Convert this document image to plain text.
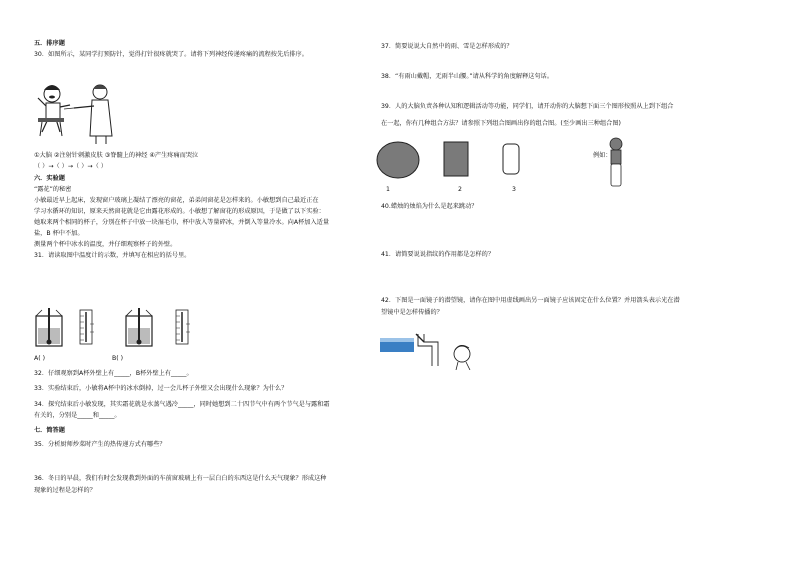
五．排序题
30．如图所示，某同学打预防针，觉得打针很疼就哭了。请将下列神经传递疼痛的流程按先后排序。
①大脑 ②注射针刺激皮肤 ③脊髓上的神经 ④产生疼痛而哭泣
（ ）→（ ）→（ ）→（ ）
六．实验题
“露花”的秘密
小敏最近早上起床，发现窗户玻璃上凝结了漂亮的窗花，弟弟问窗花是怎样来的。小敏想到自己最近正在
学习水循环的知识，原来天然窗花就是它由露花形成的。小敏想了解窗花的形成原因，于是做了以下实验：
她取来两个相同的杯子，分别在杯子中放一块湿毛巾，杯中放入等量碎冰，并倒入等量冷水。向A杯加入适量
盐，B 杯中不加。
测量两个杯中冰水的温度，并仔细观察杯子的外壁。
31．请读取图中温度计的示数，并填写在相应的括号里。
A( )	B( )
32．仔细观察到A杯外壁上有_____，B杯外壁上有_____。
33．实验结束后，小敏将A杯中的冰水倒掉，过一会儿杯子外壁又会出现什么现象？为什么？
34．探究结束后小敏发现，其实霜花就是水蒸气遇冷_____，同时她想到二十四节气中有两个节气是与露和霜
有关的，分别是_____和_____。
七．简答题
35．分析厨师炒菜时产生的热传递方式有哪些？
36．冬日的早晨，我们有时会发现教到外面的车前窗玻璃上有一层白白的东西这是什么天气现象？形成这种
现象的过程是怎样的？
37．简要说说大自然中的雨、雪是怎样形成的？
38．“有雨山戴帽，无雨半山腰。”请从科学的角度解释这句话。
39．人的大脑负责各种认知和逻辑活动等功能，同学们，请开动你的大脑想下面三个图形按照从上到下组合
在一起，你有几种组合方法？请参照下列组合图画出你的组合图。(至少画出三种组合图)
例如：
1	2	3
40.蜡烛的烛焰为什么是起来跳动？
41．请简要说说指纹的作用都是怎样的？
42．下图是一面镜子的潜望镜，请你在图中用虚线画出另一面镜子应该固定在什么位置？并用箭头表示光在潜
望镜中是怎样传播的？
